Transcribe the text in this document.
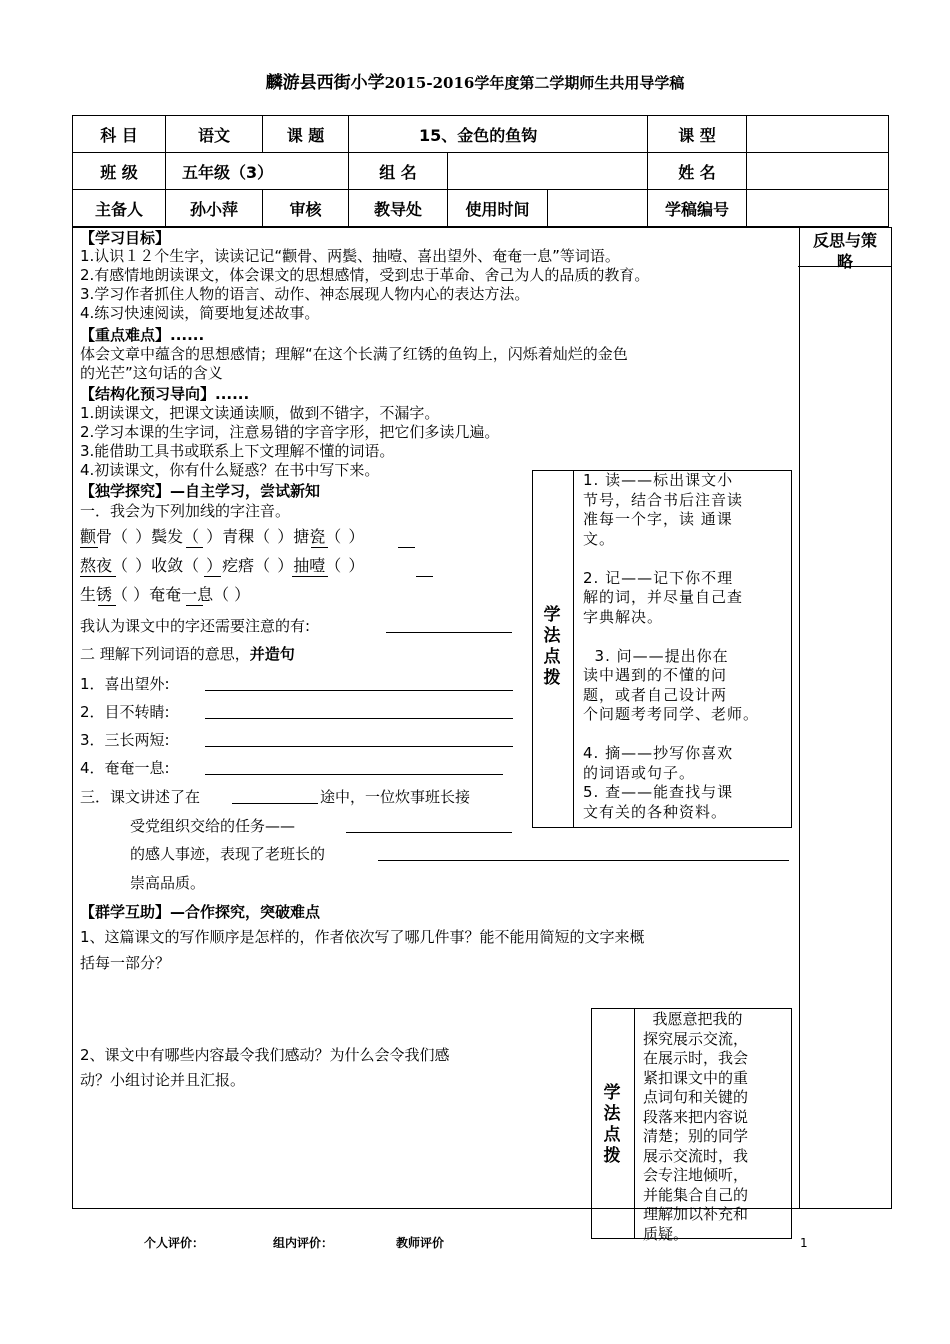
麟游县西街小学2015-2016学年度第二学期师生共用导学稿
科 目	语文	课 题	15、金色的鱼钩			课 型	
班 级	五年级（3）		组 名			姓 名	
主备人	孙小萍	审核	教导处	使用时间		学稿编号	
反思与策略
【学习目标】
1.认识１２个生字，读读记记“颧骨、两鬓、抽噎、喜出望外、奄奄一息”等词语。
2.有感情地朗读课文，体会课文的思想感情，受到忠于革命、舍己为人的品质的教育。
3.学习作者抓住人物的语言、动作、神态展现人物内心的表达方法。
4.练习快速阅读，简要地复述故事。
【重点难点】......
体会文章中蕴含的思想感情；理解“在这个长满了红锈的鱼钩上，闪烁着灿烂的金色
的光芒”这句话的含义
【结构化预习导向】......
1.朗读课文，把课文读通读顺，做到不错字，不漏字。
2.学习本课的生字词，注意易错的字音字形，把它们多读几遍。
3.能借助工具书或联系上下文理解不懂的词语。
4.初读课文，你有什么疑惑？在书中写下来。
【独学探究】—自主学习，尝试新知
一．我会为下列加线的字注音。
颧骨（ ）鬓发（ ）青稞（ ）搪瓷（ ）
熬夜（ ）收敛（ ）疙瘩（ ）抽噎（ ）
生锈（ ）奄奄一息（ ）
我认为课文中的字还需要注意的有:
二 理解下列词语的意思，并造句
1．喜出望外:
2．目不转睛:
3．三长两短:
4．奄奄一息:
三．课文讲述了在	途中，一位炊事班长接
受党组织交给的任务——
的感人事迹，表现了老班长的
崇高品质。
学法点拨
1. 读——标出课文小
节号，结合书后注音读
准每一个字，读 通课
文。
2. 记——记下你不理
解的词，并尽量自己查
字典解决。
3. 问——提出你在
读中遇到的不懂的问
题，或者自己设计两
个问题考考同学、老师。
4. 摘——抄写你喜欢
的词语或句子。
5. 查——能查找与课
文有关的各种资料。
【群学互助】—合作探究，突破难点
1、这篇课文的写作顺序是怎样的，作者依次写了哪几件事？能不能用简短的文字来概
括每一部分？
2、课文中有哪些内容最令我们感动？为什么会令我们感
动？小组讨论并且汇报。
学法点拨
我愿意把我的
探究展示交流，
在展示时，我会
紧扣课文中的重
点词句和关键的
段落来把内容说
清楚；别的同学
展示交流时，我
会专注地倾听，
并能集合自己的
理解加以补充和
质疑。
个人评价：	组内评价：	教师评价	1
